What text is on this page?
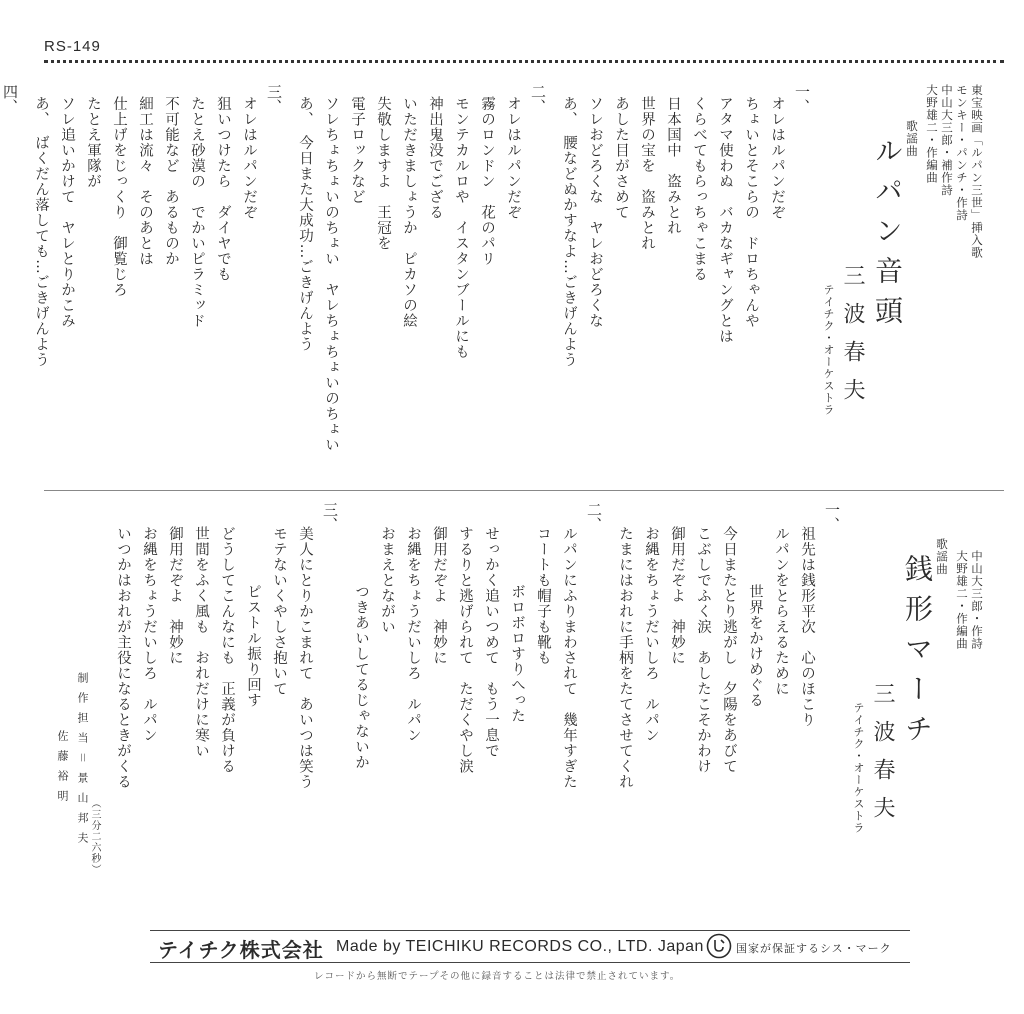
RS-149
東宝映画「ルパン三世」挿入歌
モンキー・パンチ・作詩
中山大三郎・補作詩
大野雄二・作編曲
歌謡曲
ルパン音頭
三波春夫
テイチク・オーケストラ
一、
オレはルパンだぞ
ちょいとそこらの　ドロちゃんや
アタマ使わぬ　バカなギャングとは
くらべてもらっちゃこまる
日本国中　盗みとれ
世界の宝を　盗みとれ
あした目がさめて
ソレおどろくな　ヤレおどろくな
あ、　腰などぬかすなよ…ごきげんよう
二、
オレはルパンだぞ
霧のロンドン　花のパリ
モンテカルロや　イスタンブールにも
神出鬼没でござる
いただきましょうか　ピカソの絵
失敬しますよ　王冠を
電子ロックなど
ソレちょちょいのちょい　ヤレちょちょいのちょい
あ、　今日また大成功…ごきげんよう
三、
オレはルパンだぞ
狙いつけたら　ダイヤでも
たとえ砂漠の　でかいピラミッド
不可能など　あるものか
細工は流々　そのあとは
仕上げをじっくり　御覧じろ
たとえ軍隊が
ソレ追いかけて　ヤレとりかこみ
あ、　ばくだん落しても…ごきげんよう
四、
中山大三郎・作詩
大野雄二・作編曲
歌謡曲
銭形マーチ
三波春夫
テイチク・オーケストラ
一、
祖先は銭形平次　心のほこり
ルパンをとらえるために
世界をかけめぐる
今日またとり逃がし　夕陽をあびて
こぶしでふく涙　あしたこそかわけ
御用だぞよ　神妙に
お縄をちょうだいしろ　ルパン
たまにはおれに手柄をたてさせてくれ
二、
ルパンにふりまわされて　幾年すぎた
コートも帽子も靴も
ボロボロすりへった
せっかく追いつめて　もう一息で
するりと逃げられて　ただくやし涙
御用だぞよ　神妙に
お縄をちょうだいしろ　ルパン
おまえとながい
つきあいしてるじゃないか
三、
美人にとりかこまれて　あいつは笑う
モテないくやしさ抱いて
ピストル振り回す
どうしてこんなにも　正義が負ける
世間をふく風も　おれだけに寒い
御用だぞよ　神妙に
お縄をちょうだいしろ　ルパン
いつかはおれが主役になるときがくる
（三分二六秒）
制作担当＝景山邦夫
佐藤裕明
テイチク株式会社 Made by TEICHIKU RECORDS CO., LTD. Japan	国家が保証するシス・マーク
レコードから無断でテープその他に録音することは法律で禁止されています。
